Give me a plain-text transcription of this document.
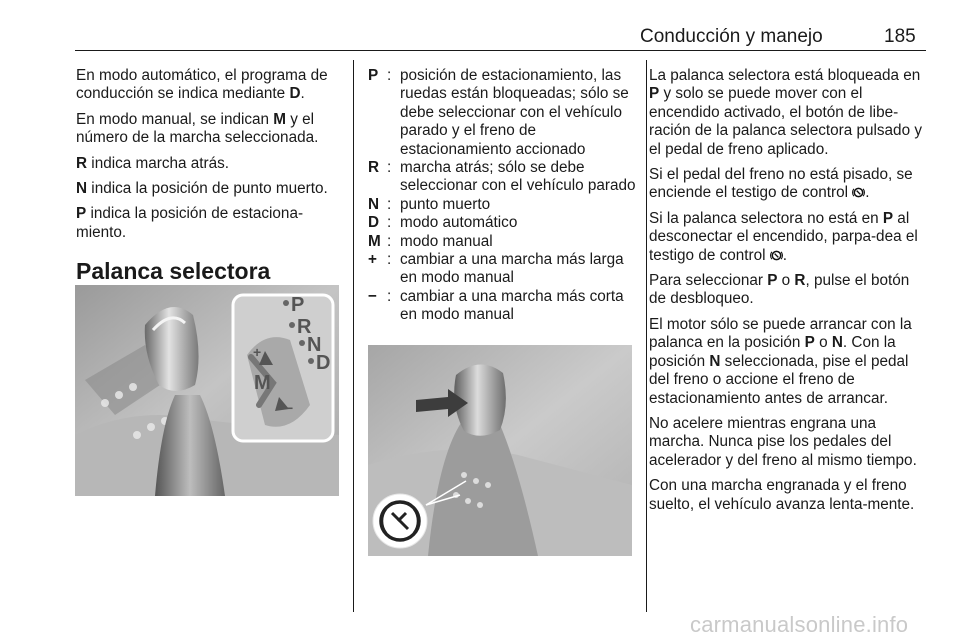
Conducción y manejo	185

En modo automático, el programa de conducción se indica mediante D.

En modo manual, se indican M y el número de la marcha seleccionada.

R indica marcha atrás.

N indica la posición de punto muerto.

P indica la posición de estaciona-miento.

Palanca selectora
P
R
N
D
M
+
−
P : posición de estacionamiento, las ruedas están bloqueadas; sólo se debe seleccionar con el vehículo parado y el freno de estacionamiento accionado
R : marcha atrás; sólo se debe seleccionar con el vehículo parado
N : punto muerto
D : modo automático
M : modo manual
+ : cambiar a una marcha más larga en modo manual
− : cambiar a una marcha más corta en modo manual

La palanca selectora está bloqueada en P y solo se puede mover con el encendido activado, el botón de libe-ración de la palanca selectora pulsado y el pedal de freno aplicado.

Si el pedal del freno no está pisado, se enciende el testigo de control .

Si la palanca selectora no está en P al desconectar el encendido, parpa-dea el testigo de control .

Para seleccionar P o R, pulse el botón de desbloqueo.

El motor sólo se puede arrancar con la palanca en la posición P o N. Con la posición N seleccionada, pise el pedal del freno o accione el freno de estacionamiento antes de arrancar.

No acelere mientras engrana una marcha. Nunca pise los pedales del acelerador y del freno al mismo tiempo.

Con una marcha engranada y el freno suelto, el vehículo avanza lenta-mente.

carmanualsonline.info
